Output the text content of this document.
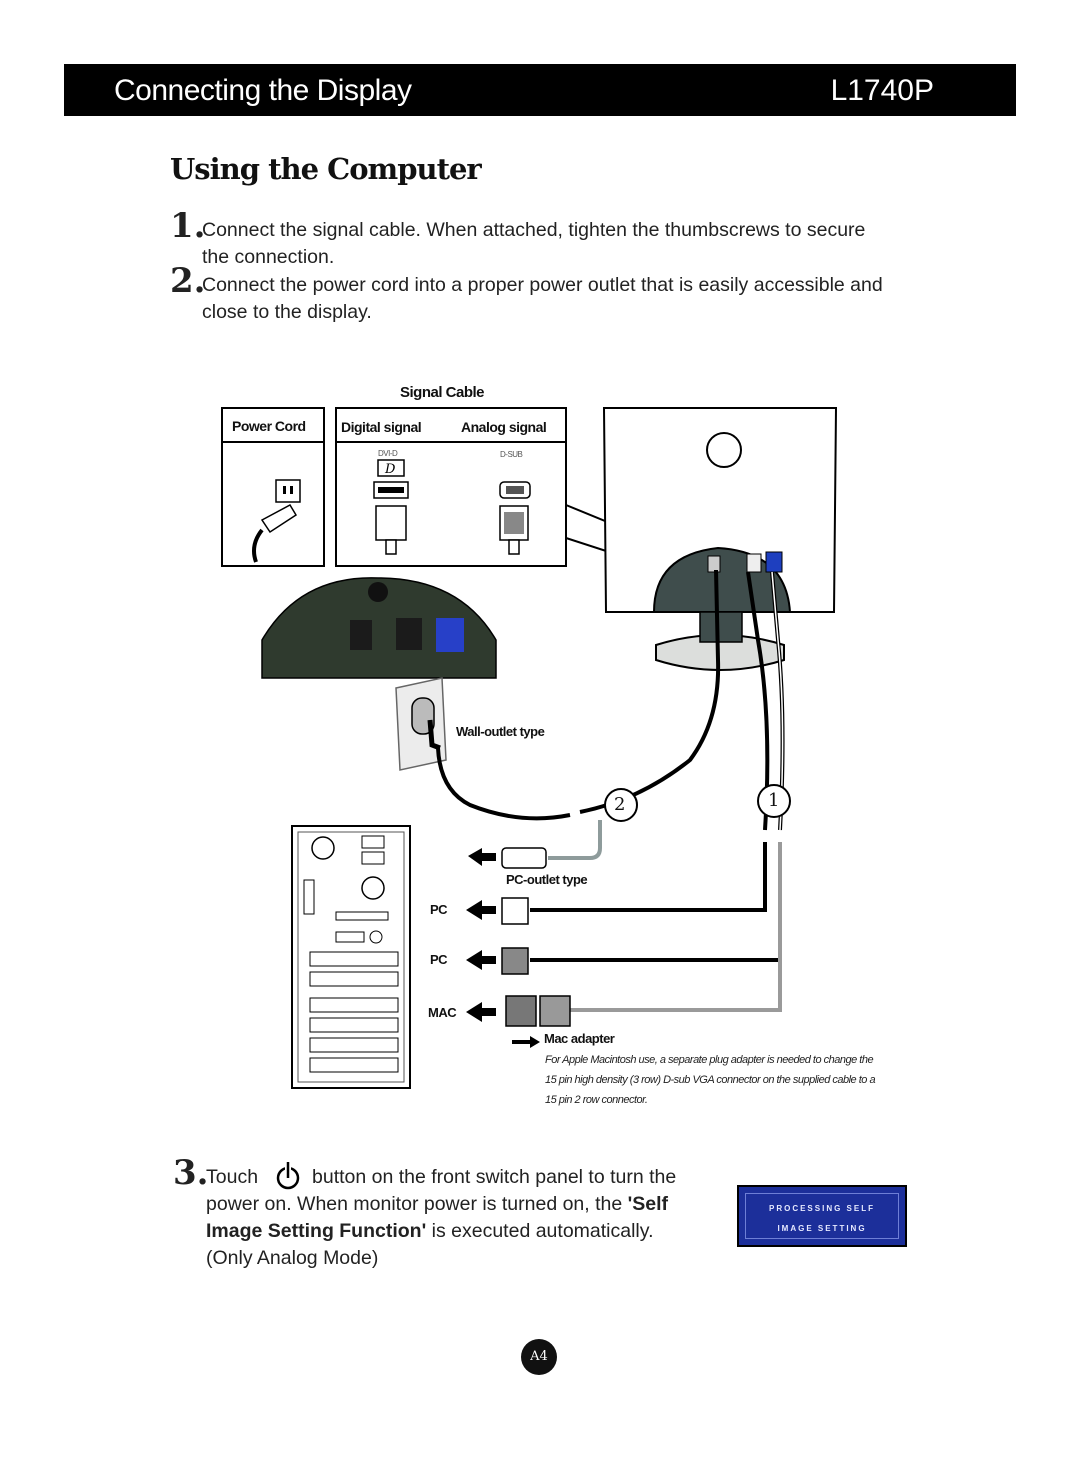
Connecting the Display	L1740P
Using the Computer
1.
Connect the signal cable. When attached, tighten the thumbscrews to secure
the connection.
2.
Connect the power cord into a proper power outlet that is easily accessible and
close to the display.
D
Signal Cable
Power Cord	Digital signal	Analog signal
DVI-D	D-SUB
Wall-outlet type
2	1
PC-outlet type
PC
PC
MAC
Mac adapter
For Apple Macintosh use, a separate plug adapter is needed to change the 15 pin high density (3 row) D-sub VGA connector on the supplied cable to a 15 pin 2 row connector.
3.
Touch	button on the front switch panel to turn the
power on. When monitor power is turned on, the 'Self
Image Setting Function' is executed automatically.
(Only Analog Mode)
PROCESSING SELF
IMAGE SETTING
A4
